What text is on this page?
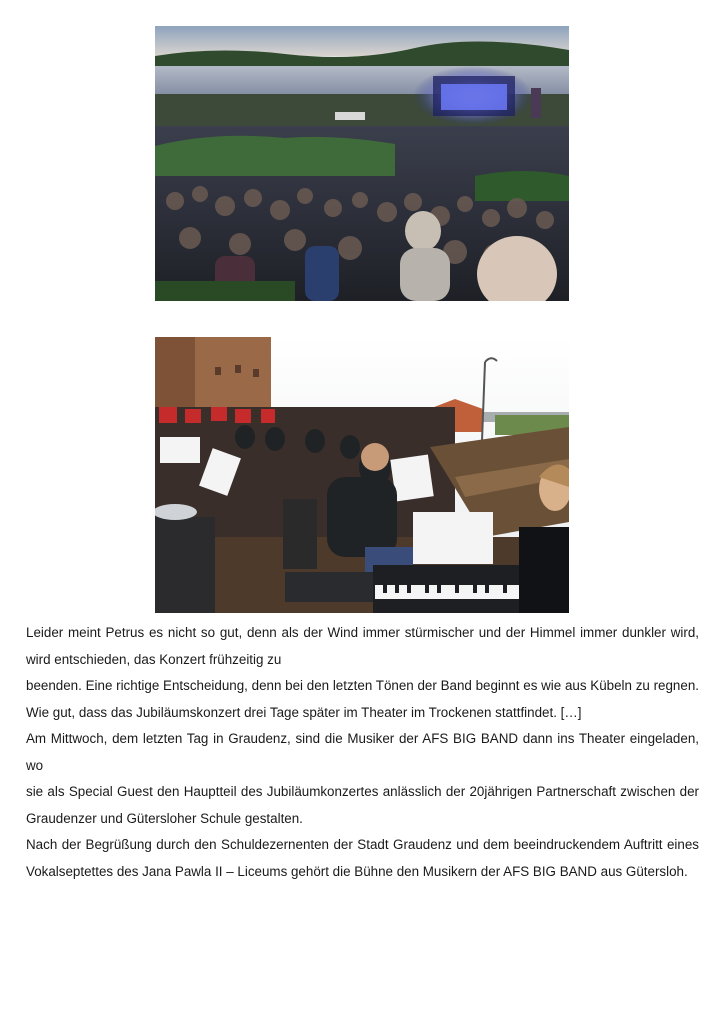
Leider meint Petrus es nicht so gut, denn als der Wind immer stürmischer und der Himmel immer dunkler wird,

wird entschieden, das Konzert frühzeitig zu

beenden. Eine richtige Entscheidung, denn bei den letzten Tönen der Band beginnt es wie aus Kübeln zu regnen.

Wie gut, dass das Jubiläumskonzert drei Tage später im Theater im Trockenen stattfindet. […]

Am Mittwoch, dem letzten Tag in Graudenz, sind die Musiker der AFS BIG BAND dann ins Theater eingeladen, wo

sie als Special Guest den Hauptteil des Jubiläumkonzertes anlässlich der 20jährigen Partnerschaft zwischen der

Graudenzer und Gütersloher Schule gestalten.

Nach der Begrüßung durch den Schuldezernenten der Stadt Graudenz und dem beeindruckendem Auftritt eines

Vokalseptettes des Jana Pawla II – Liceums gehört die Bühne den Musikern der AFS BIG BAND aus Gütersloh.
